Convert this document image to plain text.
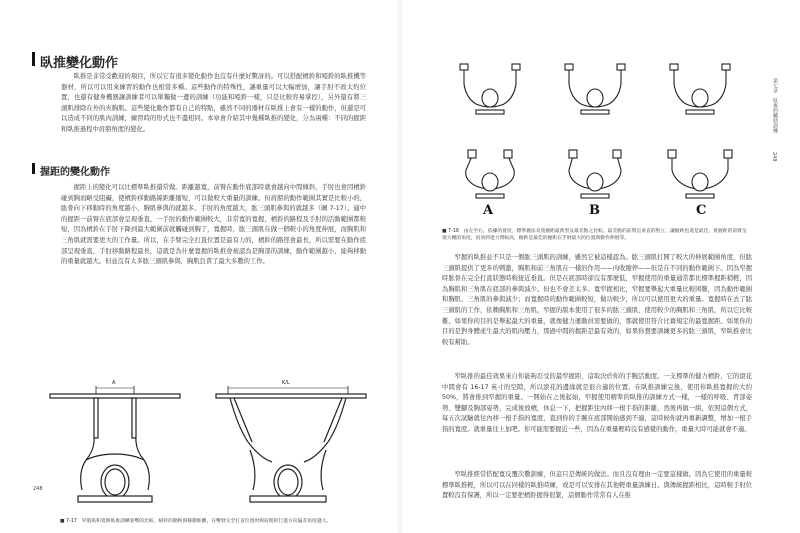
臥推變化動作

臥推是非常受歡迎的項目，所以它有很多變化動作也沒有什麼好驚訝的。可以搭配槓鈴和啞鈴的臥推機等器材，所以可以用來練習的動作也相當多種。這些動作的特殊性，讓重量可以大幅增加，讓手肘不致太約位置，也還有健身機器讓訓練者可以單獨做一邊的訓練（功能和啞鈴一樣，只是比較容易掌控），另外還有將三頭肌排除在外的夾胸肌。這些變化動作都有自己的特點，雖然不同的器材在臥推上會有一樣的動作，但還是可以造成不同的肌肉訓練，練習時的形式也不盡相同。本章會介紹其中幾種臥推的變化，分為兩種：不同的握距和臥推過程中肩膀角度的變化。

握距的變化動作

握距上的變化可以比標準臥推還常做。距離越寬，前臂在動作底部時就會越向中間傾斜，手肘也會因槓鈴碰到胸而略受阻礙，使槓鈴移動路線距離縮短，可以做較大重量的訓練。但肩膀的動作範圍其實是比較小的，肱骨向下移動時的角度越小，胸肌參與的就越多。手肘的角度越大，肱三頭肌參與的就越多（圖 7-17）。適中的握距一前臂在底部會呈現垂直，一手肘的動作範圍較大，非常寬的寬握，槓鈴的路程及手肘的活動範圍都較短，因為槓鈴在手肘下降到最大範圍前就觸碰到胸了，寬握時，肱三頭肌在做一個較小的角度伸展，而胸肌和三角肌就需要更大的工作量。所以，在手臂完全打直位置是最有力的，槓鈴的路徑會最長，所以需要在動作底部呈現垂直，手肘移動路程最長，這就是為什麼寬握的臥推會被認為是胸部的訓練，動作範圍越小，能夠移動的重量就越大。但並沒有太多肱三頭肌參與，胸肌負責了最大多數的工作。

A	K/L
■ 7-17　窄肌臥和寬距臥推訓練姿勢的比較。槓鈴的動距與移動距離，在雙臂完全打直位置肘與肩膀的行進方向偏差角度越大。
248
A	B	C
■ 7-18　由左至右，依據的寬度，標準握法及寬握距最典型及最差點之比較。最差點的前臂呈垂直的堅立，讓握距也還是最佳，寬握距的前臂呈現大概的角度，因而到達力臂較高，握距是最佳的握距在手肘最大的位置與動作伸展等。

窄握的臥推並不只是一個肱三頭肌的訓練，雖然它被這樣認為。肱三頭肌打開了較大的伸展範圍角度，但肱三頭肌提供了更多的剌激，胸肌和前三角肌在一樣的作用——肉收縮停——但是在不同的動作範圍下。因為窄握時肱骨在完全打直狀態時較接近垂直。但是在底部時卻沒有那麼低，窄握使用的重量通常都比標準握距稍輕，因為胸肌和三角肌在底部的參與減少。但也不會差太多。寬窄握相比，窄握要舉起大重量比較困難，因為動作範圍和胸肌、三角肌的參與減少；而寬握時的動作範圍較短，做功較少，所以可以使用更大的重量。寬握時在去了肱三頭肌的工作，依賴胸肌和三角肌，窄握的版本使用了很多的肱三頭肌，使用較少的胸肌和三角肌，所以它比較難。如果你的目的是舉起最大的重量，就像健力運動員需要做的，那就使用符合比賽規定的最寬握距。如果你的目的是對身體產生最大的肌肉壓力，那過中間的握距是最有效的，如果你想要訓練更多的肱三頭肌，窄臥推會比較有幫助。

窄臥推的最佳效果來自你能夠忍受的最窄握距，這取決於你的手腕活動度。一支標準的健力槓鈴，它的滾花中間會有 16-17 英寸的空隙，所以滾花的邊緣就是很合適的位置，在臥推訓練完後，使用你臥推寬握的大約50%，將會推到窄握的重量。一開始在之後起始，窄握使用精準的臥推的訓練方式一樣，一樣的呼吸、背部姿勢、雙腳及胸部姿勢，完成後放槓，休息一下，把握距往內移一根手指的距離，然後再做一組，依照這個方式，每五次試驗就往內移一根手指的寬度，直到你的手腕在底部開始感到不適，這時候你就再重新調整，增加一根手指的寬度。就重量往上加吧。你可能需要握近一些，因為在重量輕時沒有感覺的動作，重量大時可能就會不適。

窄臥推經常搭配寬反覆次數訓練，但這只是傳統的做法。而且沒有理由一定要這樣做。因為它使用的重量較標準臥推輕，所以可以在同樣的臥推時練，或是可以安排在其他輕重量訓練日。與傳統握距相比，這時較手肘位置較沒有保護，所以一定要把槓鈴握得很緊，這個動作常常有人在推

第七章　臥推的輔助訓練
249
